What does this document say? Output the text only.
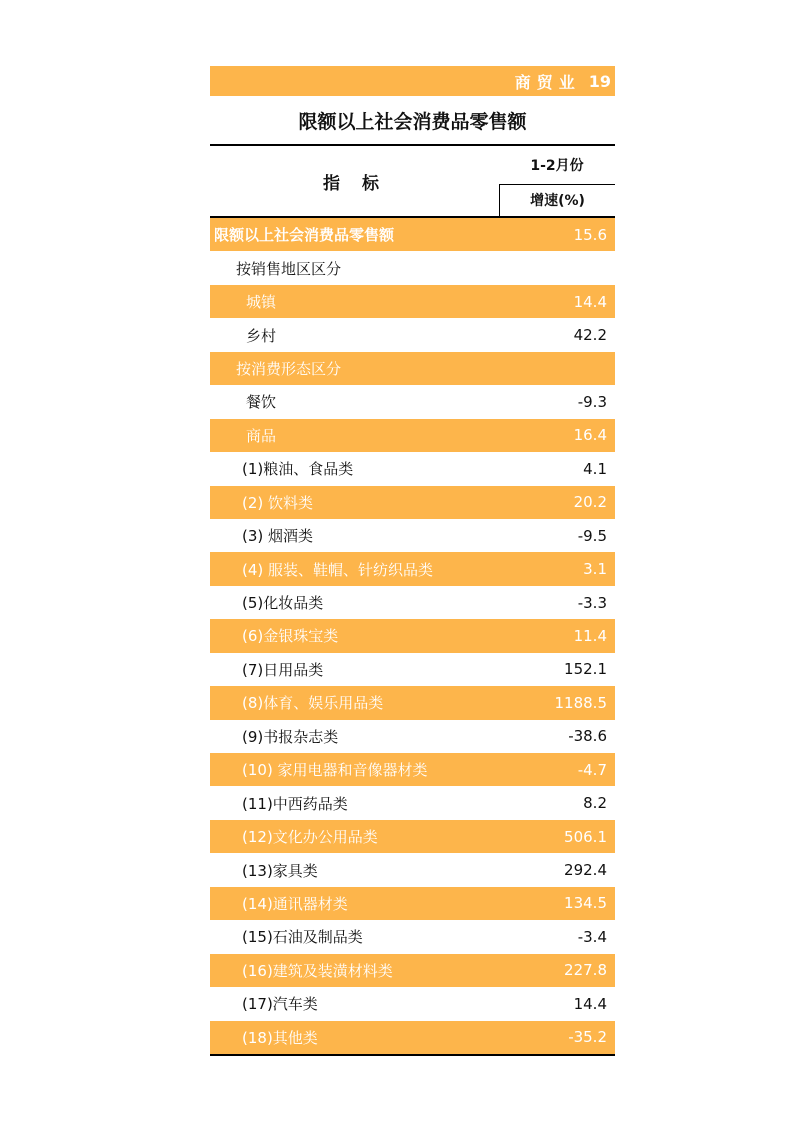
商贸业 19
限额以上社会消费品零售额
指 标
1-2月份
增速(%)
限额以上社会消费品零售额	15.6
按销售地区区分
城镇	14.4
乡村	42.2
按消费形态区分
餐饮	-9.3
商品	16.4
(1)粮油、食品类	4.1
(2) 饮料类	20.2
(3) 烟酒类	-9.5
(4) 服装、鞋帽、针纺织品类	3.1
(5)化妆品类	-3.3
(6)金银珠宝类	11.4
(7)日用品类	152.1
(8)体育、娱乐用品类	1188.5
(9)书报杂志类	-38.6
(10) 家用电器和音像器材类	-4.7
(11)中西药品类	8.2
(12)文化办公用品类	506.1
(13)家具类	292.4
(14)通讯器材类	134.5
(15)石油及制品类	-3.4
(16)建筑及装潢材料类	227.8
(17)汽车类	14.4
(18)其他类	-35.2
